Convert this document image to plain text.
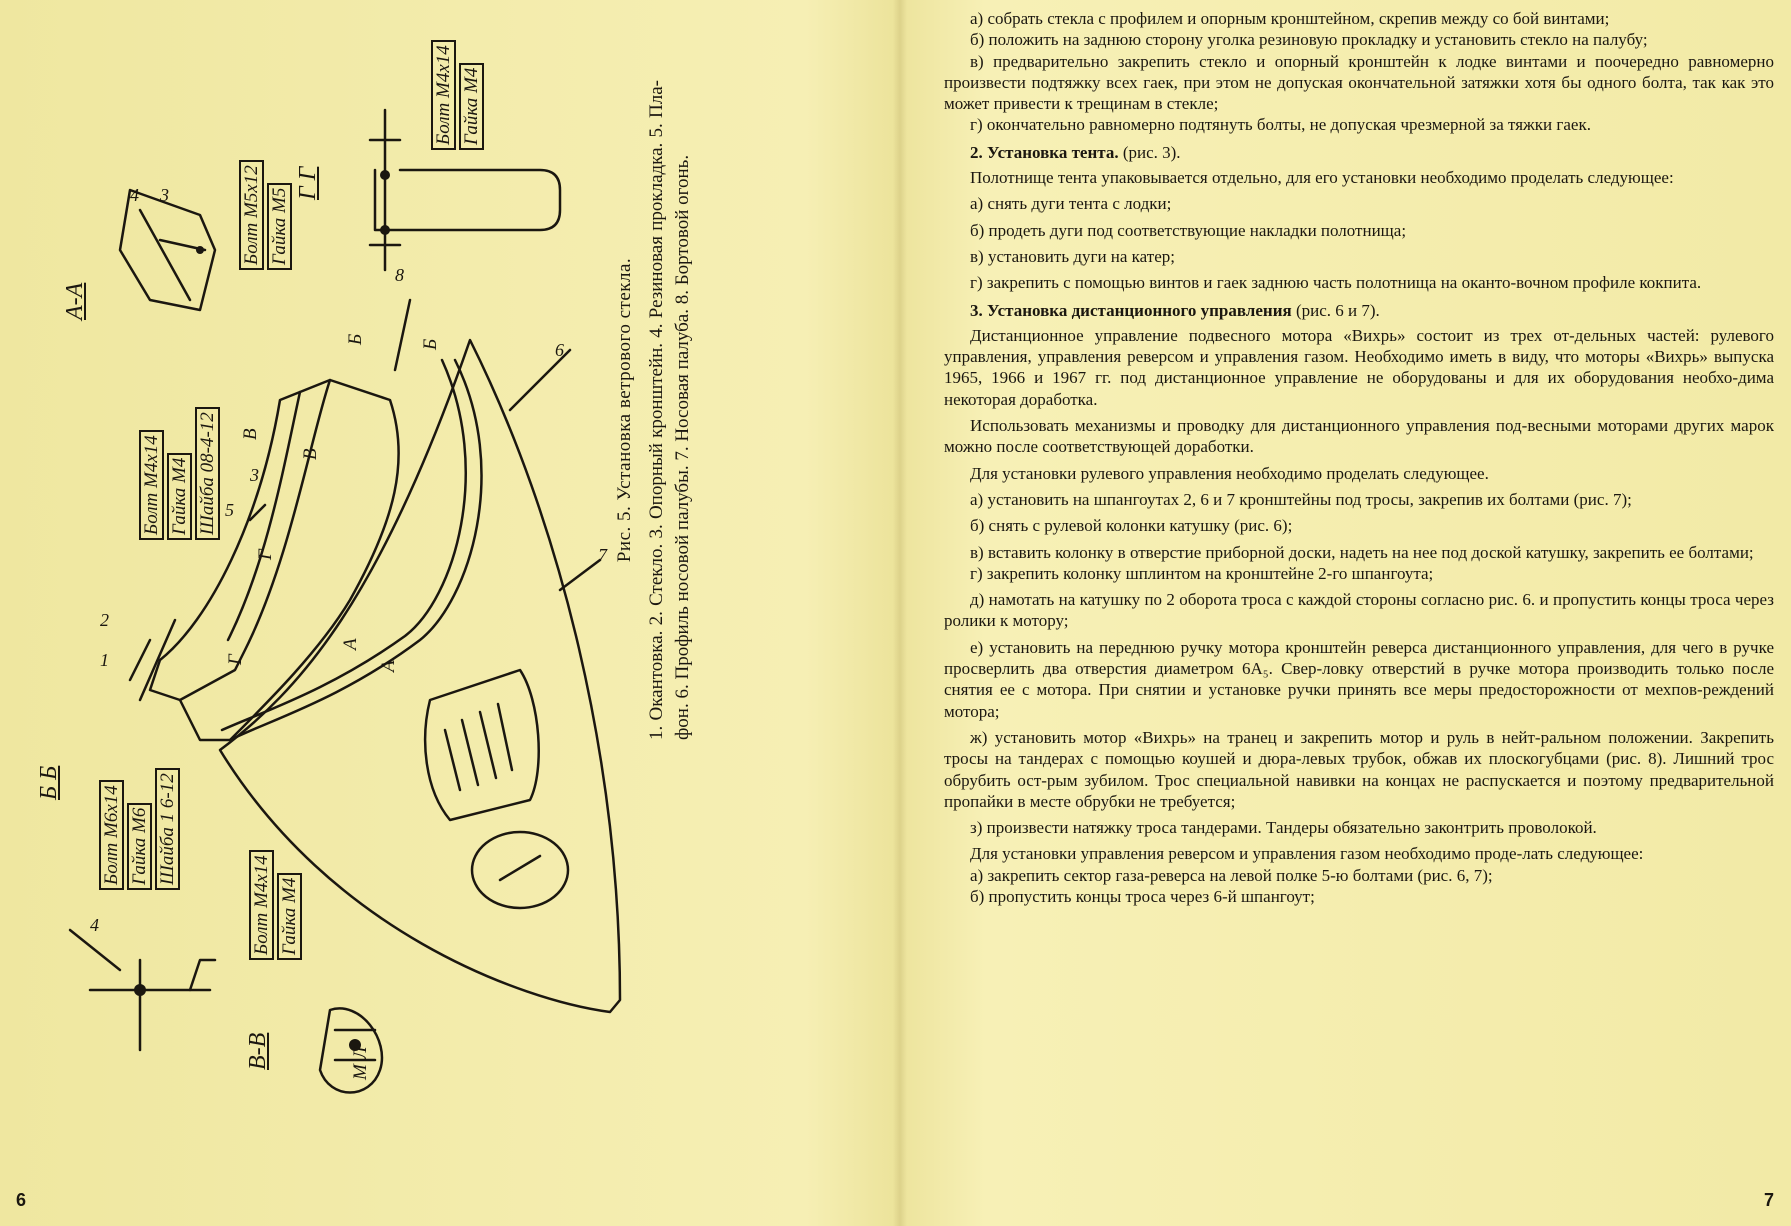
Болт М4x14 Гайка М4 Шайба 08-4-12
Болт М5x12 Гайка М5
Болт М4x14 Гайка М4
Болт М6x14 Гайка М6 Шайба 1 6-12
Болт М4x14 Гайка М4
М Л
А-А
Г Г
Б Б
В-В
Б	Б
В
В
Г
Г
А
А
1
2
5
3
4 3
8
6
7
4
Рис. 5. Установка ветрового стекла. 1. Окантовка. 2. Стекло. 3. Опорный кронштейн. 4. Резиновая прокладка. 5. Пла-фон. 6. Профиль носовой палубы. 7. Носовая палуба. 8. Бортовой огонь.
6

а) собрать стекла с профилем и опорным кронштейном, скрепив между со бой винтами;

б) положить на заднюю сторону уголка резиновую прокладку и установить стекло на палубу;

в) предварительно закрепить стекло и опорный кронштейн к лодке винтами и поочередно равномерно произвести подтяжку всех гаек, при этом не допуская окончательной затяжки хотя бы одного болта, так как это может привести к трещинам в стекле;

г) окончательно равномерно подтянуть болты, не допуская чрезмерной за тяжки гаек.

2. Установка тента. (рис. 3).

Полотнище тента упаковывается отдельно, для его установки необходимо проделать следующее:

а) снять дуги тента с лодки;

б) продеть дуги под соответствующие накладки полотнища;

в) установить дуги на катер;

г) закрепить с помощью винтов и гаек заднюю часть полотнища на оканто-вочном профиле кокпита.

3. Установка дистанционного управления (рис. 6 и 7).

Дистанционное управление подвесного мотора «Вихрь» состоит из трех от-дельных частей: рулевого управления, управления реверсом и управления газом. Необходимо иметь в виду, что моторы «Вихрь» выпуска 1965, 1966 и 1967 гг. под дистанционное управление не оборудованы и для их оборудования необхо-дима некоторая доработка.

Использовать механизмы и проводку для дистанционного управления под-весными моторами других марок можно после соответствующей доработки.

Для установки рулевого управления необходимо проделать следующее.

а) установить на шпангоутах 2, 6 и 7 кронштейны под тросы, закрепив их болтами (рис. 7);

б) снять с рулевой колонки катушку (рис. 6);

в) вставить колонку в отверстие приборной доски, надеть на нее под доской катушку, закрепить ее болтами;

г) закрепить колонку шплинтом на кронштейне 2-го шпангоута;

д) намотать на катушку по 2 оборота троса с каждой стороны согласно рис. 6. и пропустить концы троса через ролики к мотору;

е) установить на переднюю ручку мотора кронштейн реверса дистанционного управления, для чего в ручке просверлить два отверстия диаметром 6А₅. Свер-ловку отверстий в ручке мотора производить только после снятия ее с мотора. При снятии и установке ручки принять все меры предосторожности от мехпов-реждений мотора;

ж) установить мотор «Вихрь» на транец и закрепить мотор и руль в нейт-ральном положении. Закрепить тросы на тандерах с помощью коушей и дюра-левых трубок, обжав их плоскогубцами (рис. 8). Лишний трос обрубить ост-рым зубилом. Трос специальной навивки на концах не распускается и поэтому предварительной пропайки в месте обрубки не требуется;

з) произвести натяжку троса тандерами. Тандеры обязательно законтрить проволокой.

Для установки управления реверсом и управления газом необходимо проде-лать следующее:

а) закрепить сектор газа-реверса на левой полке 5-ю болтами (рис. 6, 7);

б) пропустить концы троса через 6-й шпангоут;

7
